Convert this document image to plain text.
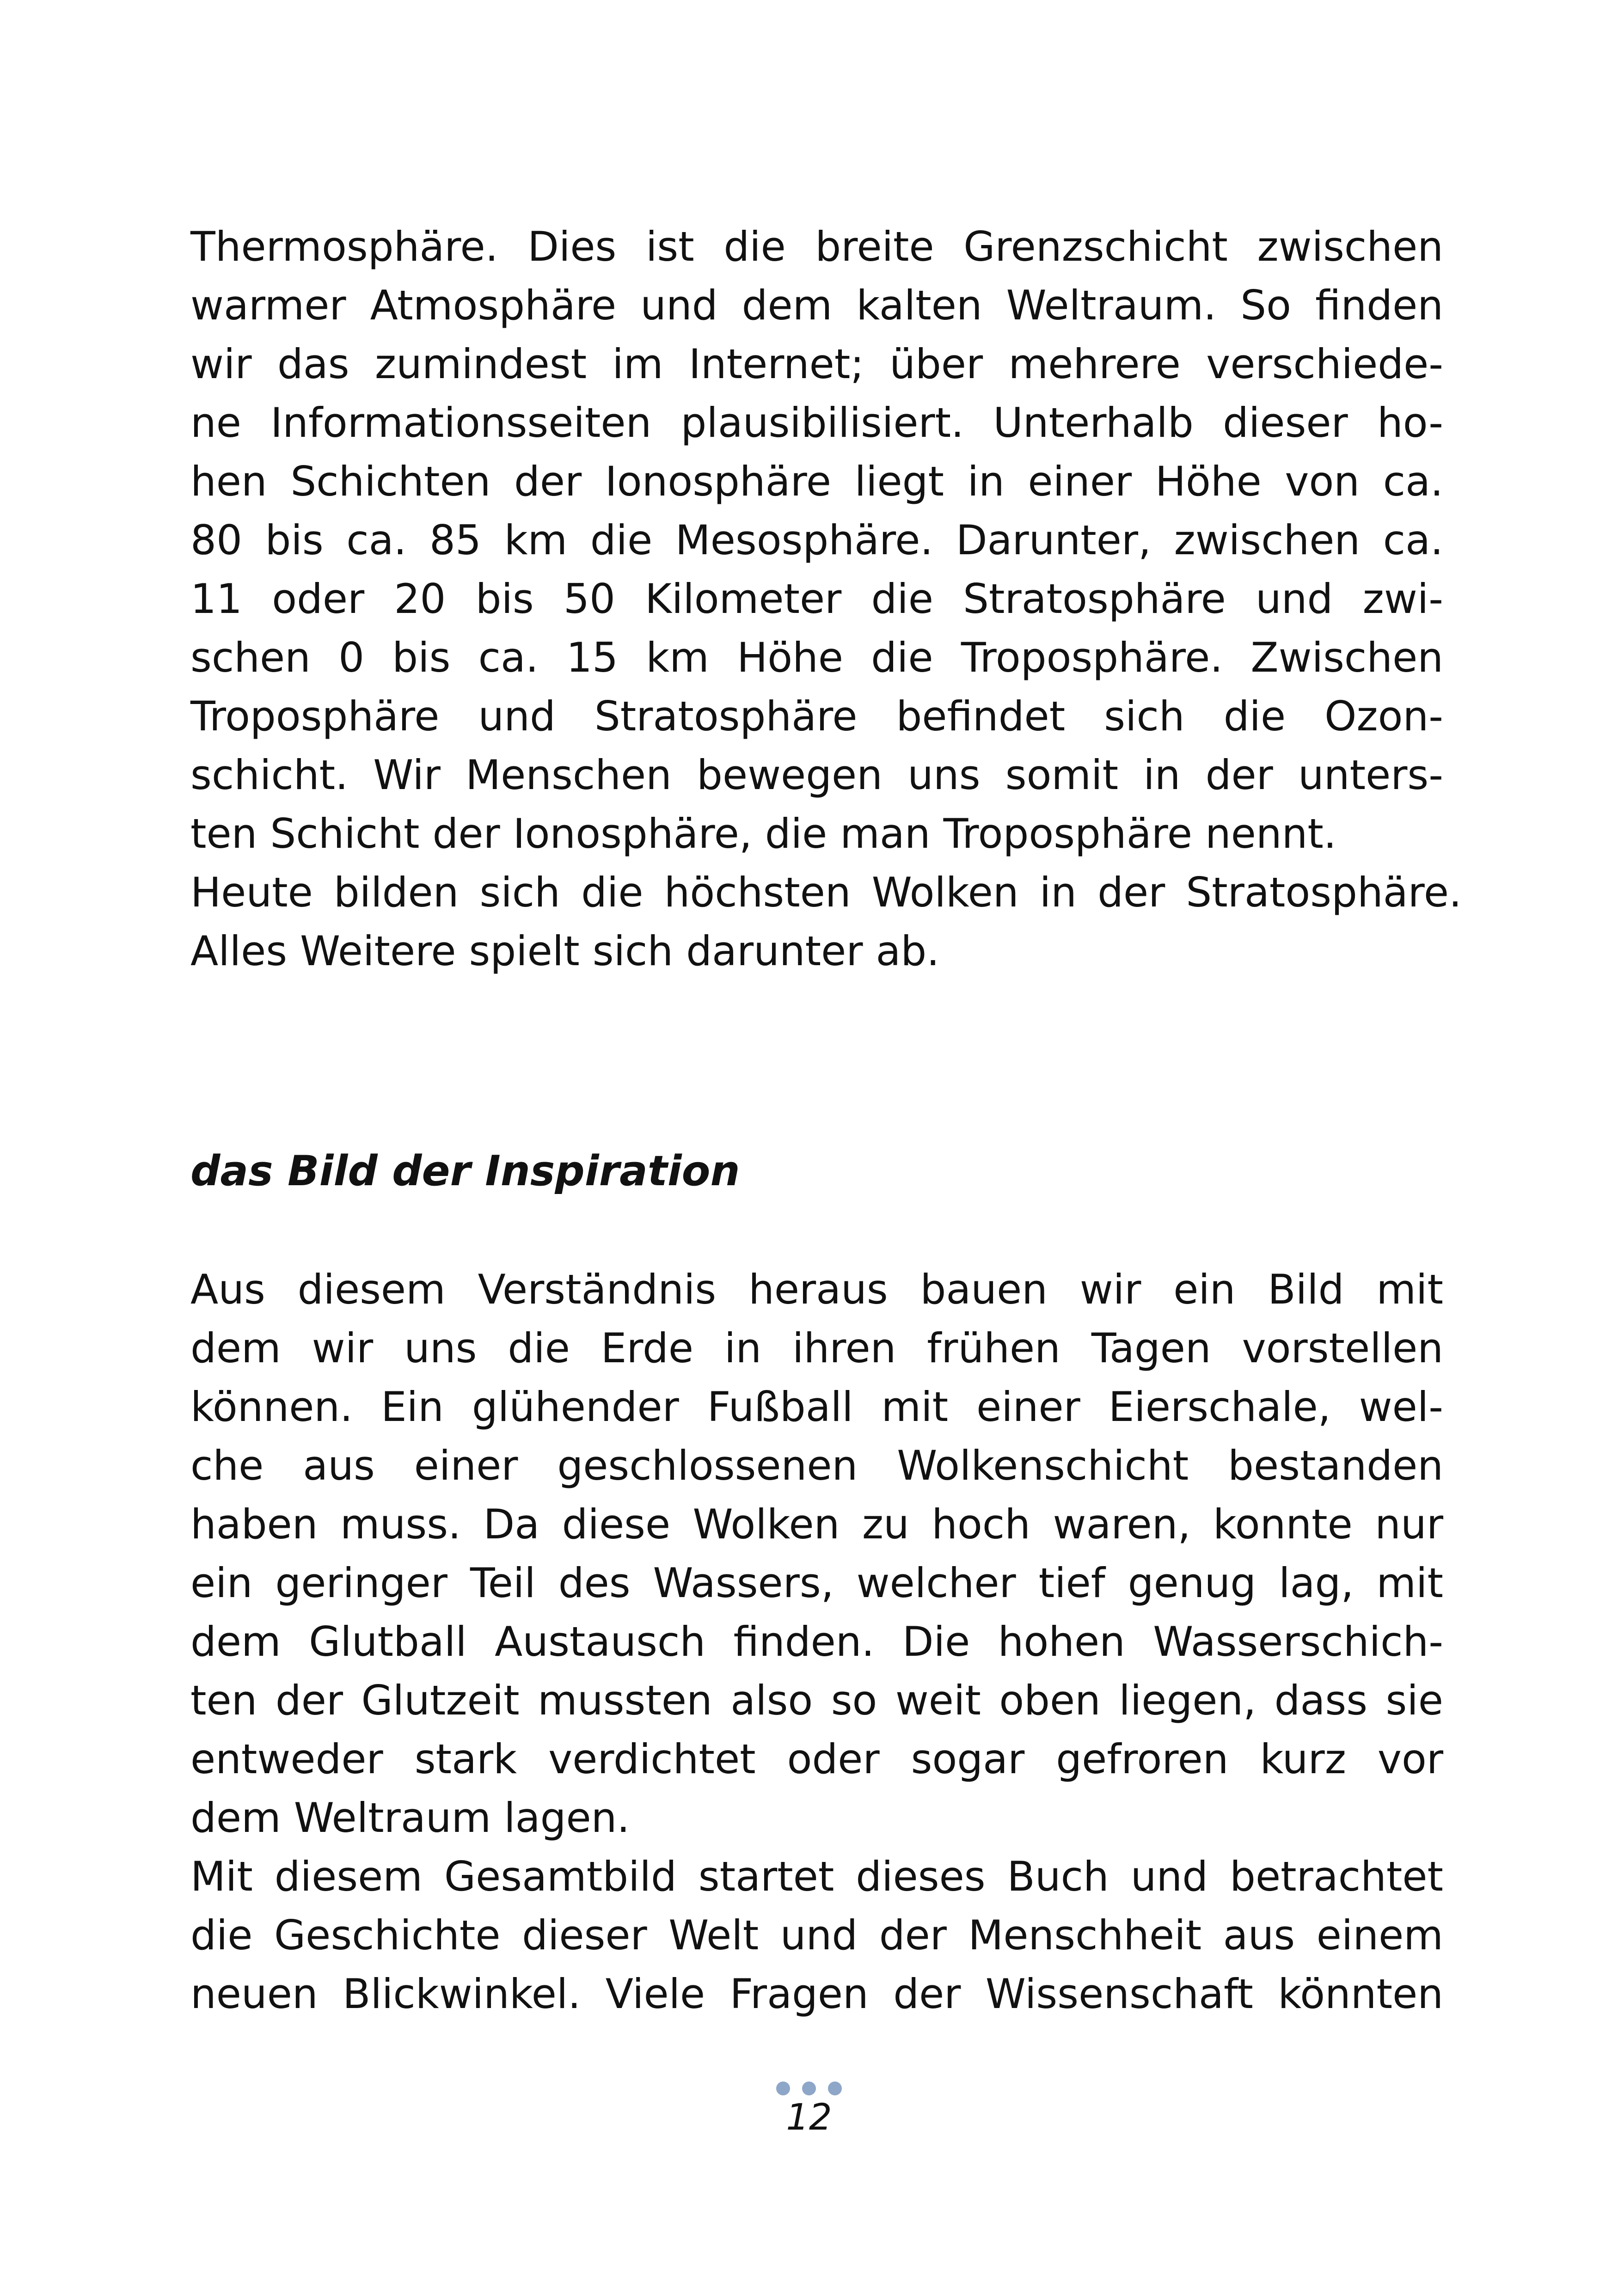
Thermosphäre. Dies ist die breite Grenzschicht zwischen
warmer Atmosphäre und dem kalten Weltraum. So finden
wir das zumindest im Internet; über mehrere verschiede-
ne Informationsseiten plausibilisiert. Unterhalb dieser ho-
hen Schichten der Ionosphäre liegt in einer Höhe von ca.
80 bis ca. 85 km die Mesosphäre. Darunter, zwischen ca.
11 oder 20 bis 50 Kilometer die Stratosphäre und zwi-
schen 0 bis ca. 15 km Höhe die Troposphäre. Zwischen
Troposphäre und Stratosphäre befindet sich die Ozon-
schicht. Wir Menschen bewegen uns somit in der unters-
ten Schicht der Ionosphäre, die man Troposphäre nennt.
Heute bilden sich die höchsten Wolken in der Stratosphäre.
Alles Weitere spielt sich darunter ab.
das Bild der Inspiration
Aus diesem Verständnis heraus bauen wir ein Bild mit
dem wir uns die Erde in ihren frühen Tagen vorstellen
können. Ein glühender Fußball mit einer Eierschale, wel-
che aus einer geschlossenen Wolkenschicht bestanden
haben muss. Da diese Wolken zu hoch waren, konnte nur
ein geringer Teil des Wassers, welcher tief genug lag, mit
dem Glutball Austausch finden. Die hohen Wasserschich-
ten der Glutzeit mussten also so weit oben liegen, dass sie
entweder stark verdichtet oder sogar gefroren kurz vor
dem Weltraum lagen.
Mit diesem Gesamtbild startet dieses Buch und betrachtet
die Geschichte dieser Welt und der Menschheit aus einem
neuen Blickwinkel. Viele Fragen der Wissenschaft könnten
12
